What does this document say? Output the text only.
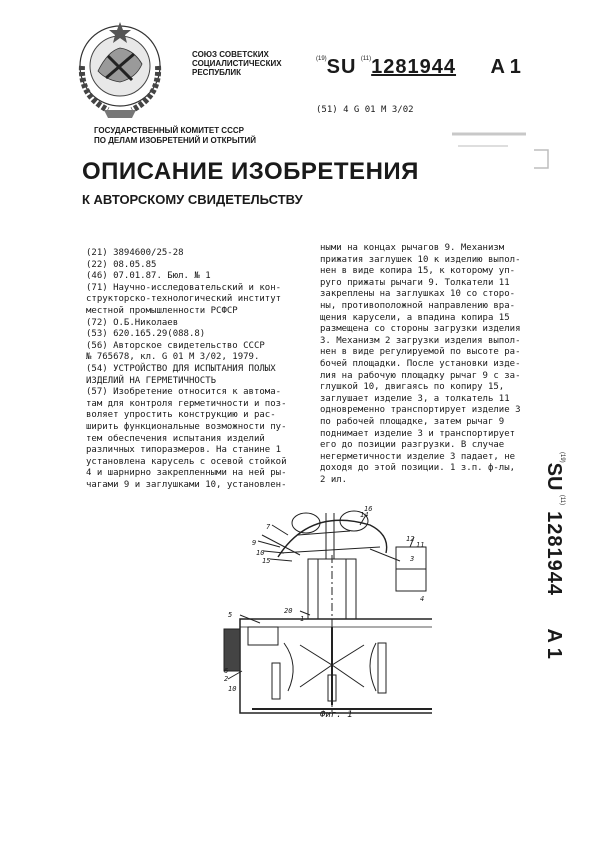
СОЮЗ СОВЕТСКИХ
СОЦИАЛИСТИЧЕСКИХ
РЕСПУБЛИК
$^{(19)}$SU $^{(11)}$1281944 A 1
(51) 4 G 01 M 3/02
ГОСУДАРСТВЕННЫЙ КОМИТЕТ СССР
ПО ДЕЛАМ ИЗОБРЕТЕНИЙ И ОТКРЫТИЙ
ОПИСАНИЕ ИЗОБРЕТЕНИЯ
К АВТОРСКОМУ СВИДЕТЕЛЬСТВУ
(21) 3894600/25-28
(22) 08.05.85
(46) 07.01.87. Бюл. № 1
(71) Научно-исследовательский и кон-
структорско-технологический институт
местной промышленности РСФСР
(72) О.Б.Николаев
(53) 620.165.29(088.8)
(56) Авторское свидетельство СССР
№ 765678, кл. G 01 M 3/02, 1979.
(54) УСТРОЙСТВО ДЛЯ ИСПЫТАНИЯ ПОЛЫХ
ИЗДЕЛИЙ НА ГЕРМЕТИЧНОСТЬ
(57) Изобретение относится к автома-
там для контроля герметичности и поз-
воляет упростить конструкцию и рас-
ширить функциональные возможности пу-
тем обеспечения испытания изделий
различных типоразмеров. На станине 1
установлена карусель с осевой стойкой
4 и шарнирно закрепленными на ней ры-
чагами 9 и заглушками 10, установлен-
ными на концах рычагов 9. Механизм
прижатия заглушек 10 к изделию выпол-
нен в виде копира 15, к которому уп-
руго прижаты рычаги 9. Толкатели 11
закреплены на заглушках 10 со сторо-
ны, противоположной направлению вра-
щения карусели, а впадина копира 15
размещена со стороны загрузки изделия
3. Механизм 2 загрузки изделия выпол-
нен в виде регулируемой по высоте ра-
бочей площадки. После установки изде-
лия на рабочую площадку рычаг 9 с за-
глушкой 10, двигаясь по копиру 15,
заглушает изделие 3, а толкатель 11
одновременно транспортирует изделие 3
по рабочей площадке, затем рычаг 9
поднимает изделие 3 и транспортирует
его до позиции разгрузки. В случае
негерметичности изделие 3 падает, не
доходя до этой позиции. 1 з.п. ф-лы,
2 ил.
$^{(19)}$SU $^{(11)}$1281944 A 1
7
9
10
15
14
12
16
11
3
20
5
2
6
10
1
4
Фиг. 1
